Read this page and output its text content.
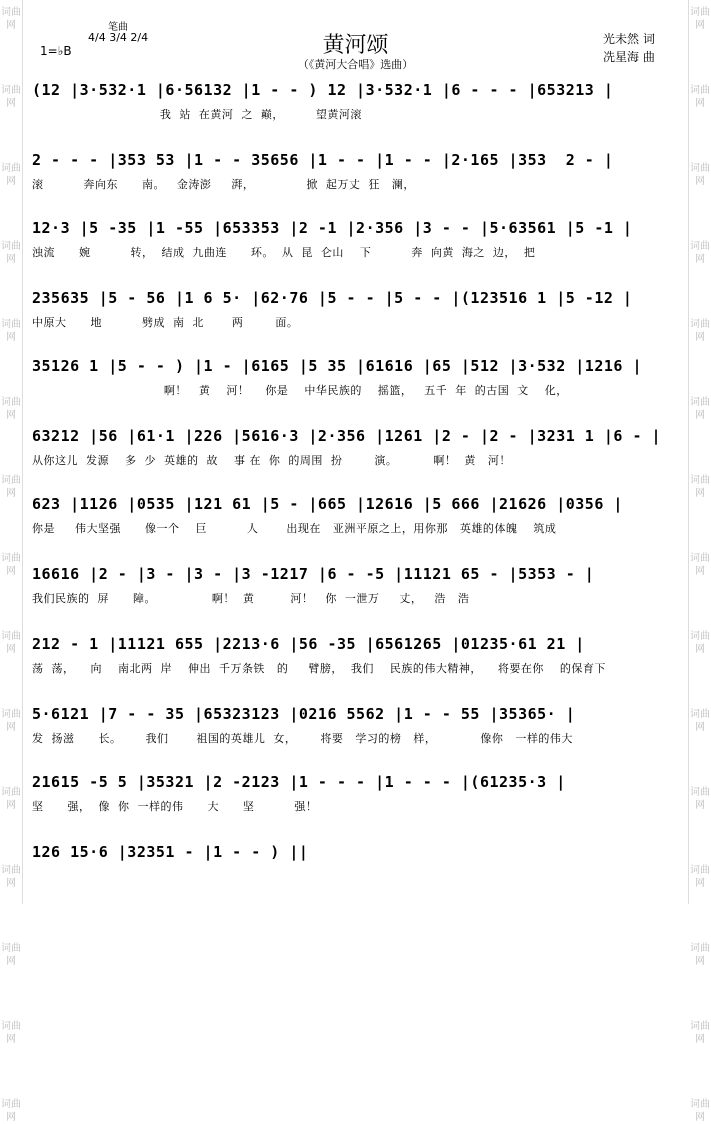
词曲网
词曲网
词曲网
词曲网
词曲网
词曲网
词曲网
词曲网
词曲网
词曲网
词曲网
词曲网
词曲网
词曲网
词曲网
词曲网
词曲网
词曲网
词曲网
词曲网
词曲网
词曲网
词曲网
词曲网
词曲网
词曲网
词曲网
词曲网
词曲网
词曲网
1=♭B
笔曲
4/4 3/4 2/4	黄河颂
（《黄河大合唱》选曲）
光未然 词
冼星海 曲
(12 |3·532·1 |6·56132 |1 - - ) 12 |3·532·1 |6 - - - |653213 |
我  站  在黄河  之  巅，        望黄河滚
2 - - - |353 53 |1 - - 35656 |1 - - |1 - - |2·165 |353  2 - |
滚          奔向东      南。   金涛澎     湃，             掀  起万丈  狂   澜，
12·3 |5 -35 |1 -55 |653353 |2 -1 |2·356 |3 - - |5·63561 |5 -1 |
浊流      婉          转，  结成  九曲连      环。  从  昆  仑山    下          奔  向黄  海之  边，  把
235635 |5 - 56 |1 6 5· |62·76 |5 - - |5 - - |(123516 1 |5 -12 |
中原大      地          劈成  南  北       两        面。
35126 1 |5 - - ) |1 - |6165 |5 35 |61616 |65 |512 |3·532 |1216 |
啊！   黄    河！    你是    中华民族的    摇篮，   五千  年  的古国  文    化，
63212 |56 |61·1 |226 |5616·3 |2·356 |1261 |2 - |2 - |3231 1 |6 - |
从你这儿  发源    多  少  英雄的  故    事 在  你  的周围  扮        演。         啊！  黄   河！
623 |1126 |0535 |121 61 |5 - |665 |12616 |5 666 |21626 |0356 |
你是     伟大坚强      像一个    巨          人       出现在   亚洲平原之上，用你那   英雄的体魄    筑成
16616 |2 - |3 - |3 - |3 -1217 |6 - -5 |11121 65 - |5353 - |
我们民族的  屏      障。              啊！  黄         河！   你  一泄万     丈，   浩   浩
212 - 1 |11121 655 |2213·6 |56 -35 |6561265 |01235·61 21 |
荡  荡，    向    南北两  岸    伸出  千万条铁   的     臂膀，  我们    民族的伟大精神，    将要在你    的保育下
5·6121 |7 - - 35 |65323123 |0216 5562 |1 - - 55 |35365· |
发  扬滋      长。      我们       祖国的英雄儿  女，      将要   学习的榜   样，           像你   一样的伟大
21615 -5 5 |35321 |2 -2123 |1 - - - |1 - - - |(61235·3 |
坚      强，  像  你  一样的伟      大      坚          强！
126 15·6 |32351 - |1 - - ) ||
